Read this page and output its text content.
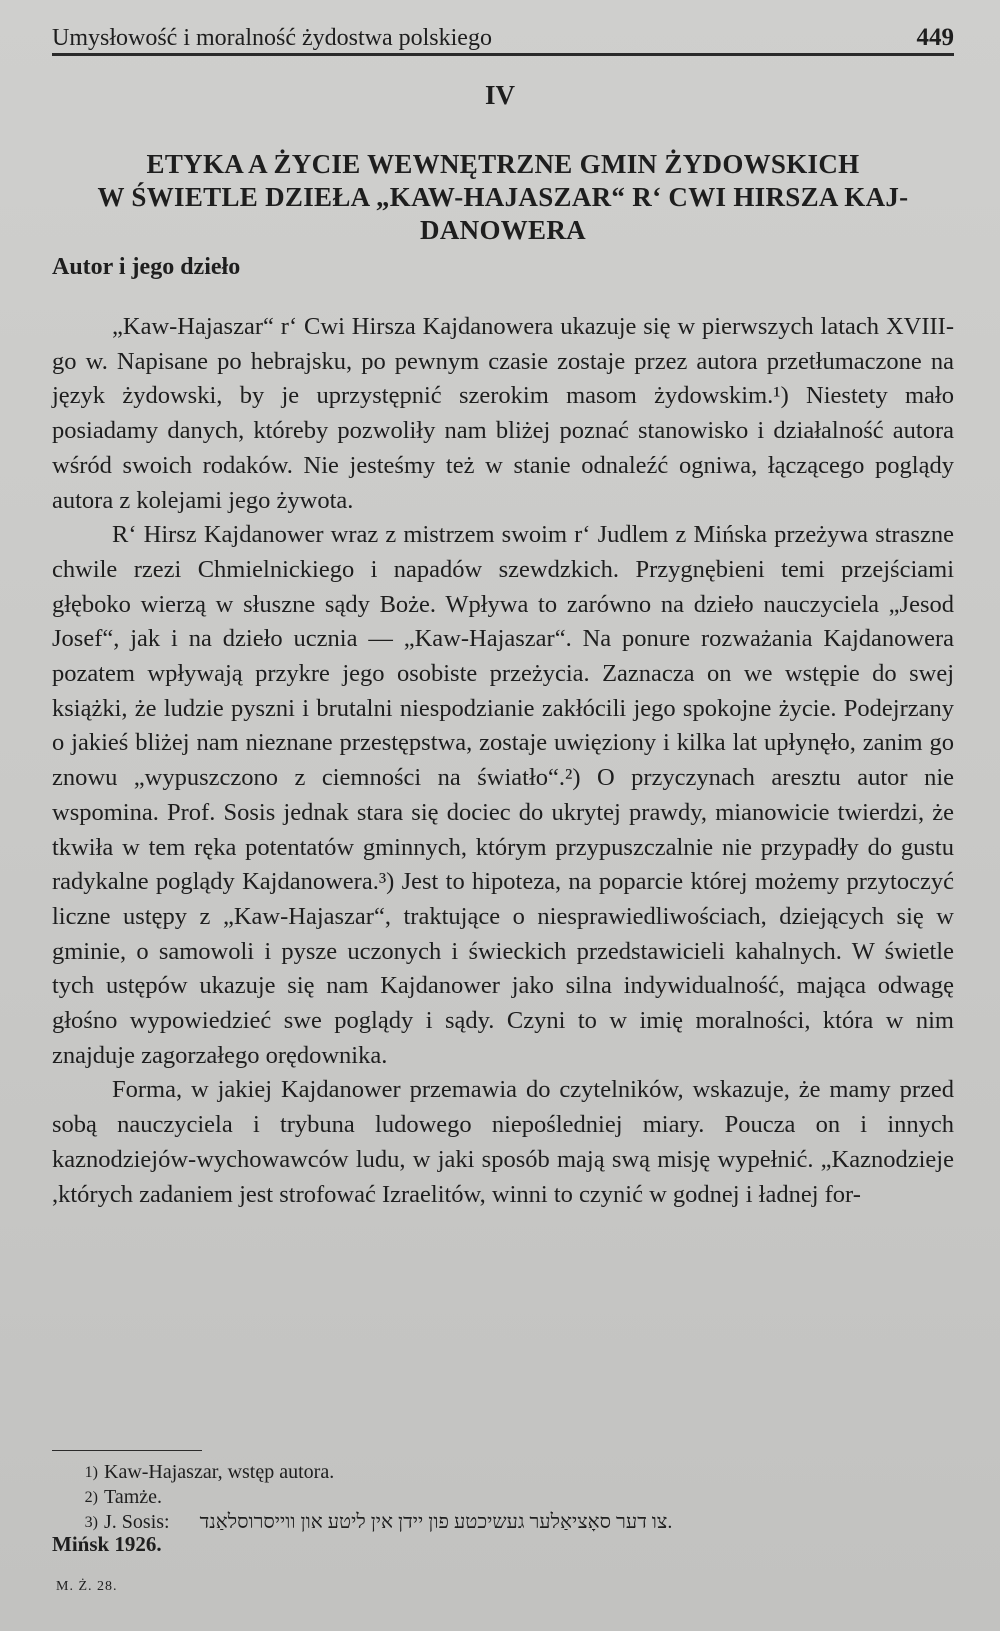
Umysłowość i moralność żydostwa polskiego	449
IV
ETYKA A ŻYCIE WEWNĘTRZNE GMIN ŻYDOWSKICH
W ŚWIETLE DZIEŁA „KAW-HAJASZAR“ R‘ CWI HIRSZA KAJ-
DANOWERA
Autor i jego dzieło

„Kaw-Hajaszar“ r‘ Cwi Hirsza Kajdanowera ukazuje się w pierwszych latach XVIII-go w. Napisane po hebrajsku, po pewnym czasie zostaje przez autora przetłumaczone na język żydowski, by je uprzystępnić szerokim masom żydowskim.¹) Niestety mało posiadamy danych, któreby pozwoliły nam bliżej poznać stanowisko i działalność autora wśród swoich rodaków. Nie jesteśmy też w stanie odnaleźć ogniwa, łączącego poglądy autora z kolejami jego żywota.

R‘ Hirsz Kajdanower wraz z mistrzem swoim r‘ Judlem z Mińska przeżywa straszne chwile rzezi Chmielnickiego i napadów szewdzkich. Przygnębieni temi przejściami głęboko wierzą w słuszne sądy Boże. Wpływa to zarówno na dzieło nauczyciela „Jesod Josef“, jak i na dzieło ucznia — „Kaw-Hajaszar“. Na ponure rozważania Kajdanowera pozatem wpływają przykre jego osobiste przeżycia. Zaznacza on we wstępie do swej książki, że ludzie pyszni i brutalni niespodzianie zakłócili jego spokojne życie. Podejrzany o jakieś bliżej nam nieznane przestępstwa, zostaje uwięziony i kilka lat upłynęło, zanim go znowu „wypuszczono z ciemności na światło“.²) O przyczynach aresztu autor nie wspomina. Prof. Sosis jednak stara się dociec do ukrytej prawdy, mianowicie twierdzi, że tkwiła w tem ręka potentatów gminnych, którym przypuszczalnie nie przypadły do gustu radykalne poglądy Kajdanowera.³) Jest to hipoteza, na poparcie której możemy przytoczyć liczne ustępy z „Kaw-Hajaszar“, traktujące o niesprawiedliwościach, dziejących się w gminie, o samowoli i pysze uczonych i świeckich przedstawicieli kahalnych. W świetle tych ustępów ukazuje się nam Kajdanower jako silna indywidualność, mająca odwagę głośno wypowiedzieć swe poglądy i sądy. Czyni to w imię moralności, która w nim znajduje zagorzałego orędownika.

Forma, w jakiej Kajdanower przemawia do czytelników, wskazuje, że mamy przed sobą nauczyciela i trybuna ludowego niepośledniej miary. Poucza on i innych kaznodziejów-wychowawców ludu, w jaki sposób mają swą misję wypełnić. „Kaznodzieje ,których zadaniem jest strofować Izraelitów, winni to czynić w godnej i ładnej for-

1) Kaw-Hajaszar, wstęp autora.
2) Tamże.
3) J. Sosis: צו דער סאָציאַלער געשיכטע פון יידן אין ליטע און ווייסרוסלאַנד.
Mińsk 1926.
M. Ż. 28.
